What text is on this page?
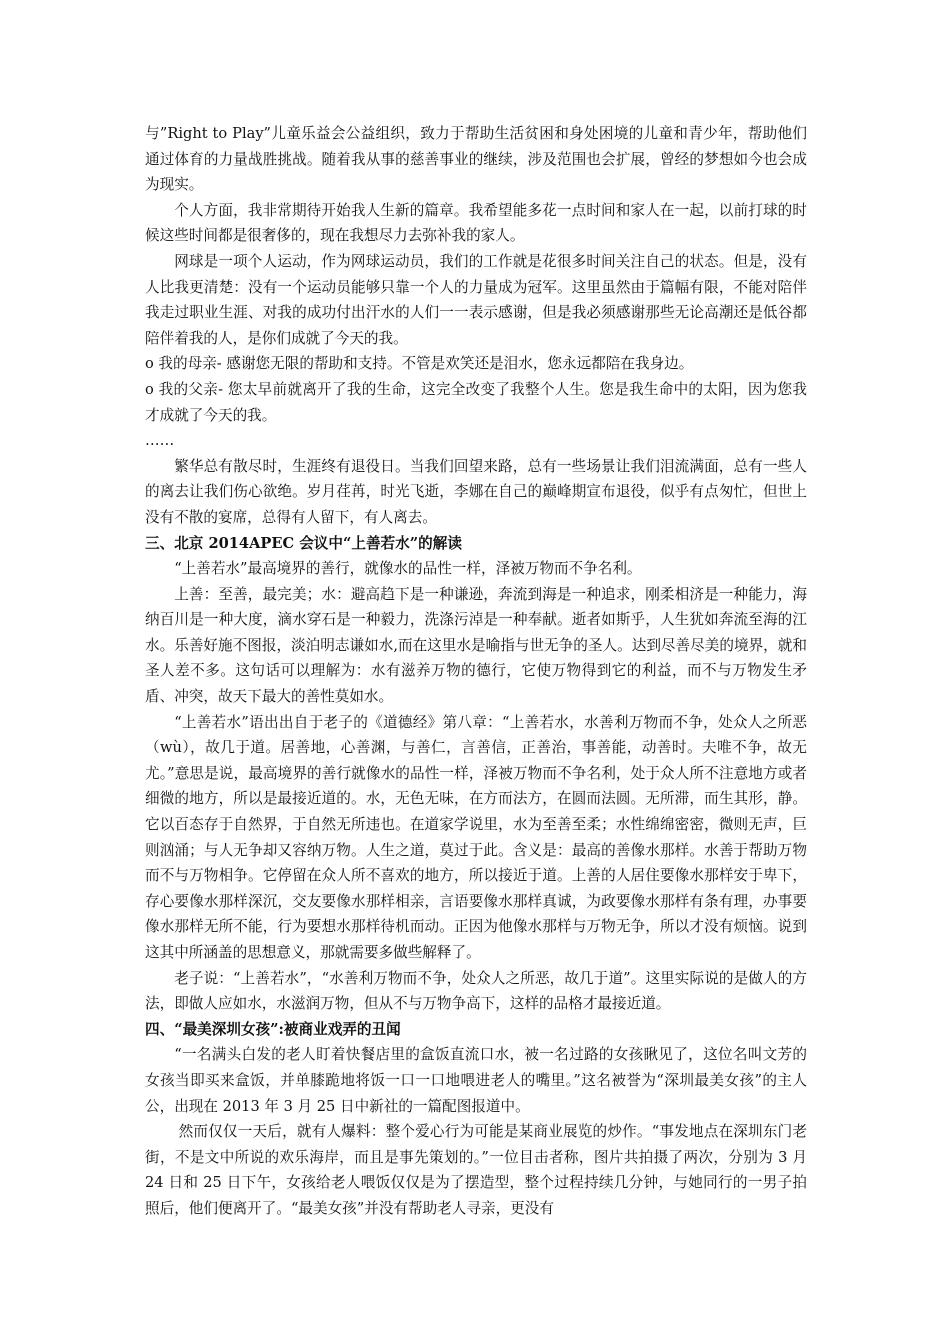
与”Right to Play”儿童乐益会公益组织，致力于帮助生活贫困和身处困境的儿童和青少年，帮助他们通过体育的力量战胜挑战。随着我从事的慈善事业的继续，涉及范围也会扩展，曾经的梦想如今也会成为现实。

个人方面，我非常期待开始我人生新的篇章。我希望能多花一点时间和家人在一起，以前打球的时候这些时间都是很奢侈的，现在我想尽力去弥补我的家人。

网球是一项个人运动，作为网球运动员，我们的工作就是花很多时间关注自己的状态。但是，没有人比我更清楚：没有一个运动员能够只靠一个人的力量成为冠军。这里虽然由于篇幅有限，不能对陪伴我走过职业生涯、对我的成功付出汗水的人们一一表示感谢，但是我必须感谢那些无论高潮还是低谷都陪伴着我的人，是你们成就了今天的我。

o 我的母亲- 感谢您无限的帮助和支持。不管是欢笑还是泪水，您永远都陪在我身边。

o 我的父亲- 您太早前就离开了我的生命，这完全改变了我整个人生。您是我生命中的太阳，因为您我才成就了今天的我。

……

繁华总有散尽时，生涯终有退役日。当我们回望来路，总有一些场景让我们泪流满面，总有一些人的离去让我们伤心欲绝。岁月荏苒，时光飞逝，李娜在自己的巅峰期宣布退役，似乎有点匆忙，但世上没有不散的宴席，总得有人留下，有人离去。

三、北京 2014APEC 会议中“上善若水”的解读

“上善若水”最高境界的善行，就像水的品性一样，泽被万物而不争名利。

上善：至善，最完美；水：避高趋下是一种谦逊，奔流到海是一种追求，刚柔相济是一种能力，海纳百川是一种大度，滴水穿石是一种毅力，洗涤污淖是一种奉献。逝者如斯乎，人生犹如奔流至海的江水。乐善好施不图报，淡泊明志谦如水,而在这里水是喻指与世无争的圣人。达到尽善尽美的境界，就和圣人差不多。这句话可以理解为：水有滋养万物的德行，它使万物得到它的利益，而不与万物发生矛盾、冲突，故天下最大的善性莫如水。

“上善若水”语出出自于老子的《道德经》第八章：“上善若水，水善利万物而不争，处众人之所恶（wù），故几于道。居善地，心善渊，与善仁，言善信，正善治，事善能，动善时。夫唯不争，故无尤。”意思是说，最高境界的善行就像水的品性一样，泽被万物而不争名利，处于众人所不注意地方或者细微的地方，所以是最接近道的。水，无色无味，在方而法方，在圆而法圆。无所滞，而生其形，静。它以百态存于自然界，于自然无所违也。在道家学说里，水为至善至柔；水性绵绵密密，微则无声，巨则汹涌；与人无争却又容纳万物。人生之道，莫过于此。含义是：最高的善像水那样。水善于帮助万物而不与万物相争。它停留在众人所不喜欢的地方，所以接近于道。上善的人居住要像水那样安于卑下，存心要像水那样深沉，交友要像水那样相亲，言语要像水那样真诚，为政要像水那样有条有理，办事要像水那样无所不能，行为要想水那样待机而动。正因为他像水那样与万物无争，所以才没有烦恼。说到这其中所涵盖的思想意义，那就需要多做些解释了。

老子说：“上善若水”，“水善利万物而不争，处众人之所恶，故几于道”。这里实际说的是做人的方法，即做人应如水，水滋润万物，但从不与万物争高下，这样的品格才最接近道。

四、“最美深圳女孩”:被商业戏弄的丑闻

“一名满头白发的老人盯着快餐店里的盒饭直流口水，被一名过路的女孩瞅见了，这位名叫文芳的女孩当即买来盒饭，并单膝跪地将饭一口一口地喂进老人的嘴里。”这名被誉为“深圳最美女孩”的主人公，出现在 2013 年 3 月 25 日中新社的一篇配图报道中。

然而仅仅一天后，就有人爆料：整个爱心行为可能是某商业展览的炒作。“事发地点在深圳东门老街，不是文中所说的欢乐海岸，而且是事先策划的。”一位目击者称，图片共拍摄了两次，分别为 3 月 24 日和 25 日下午，女孩给老人喂饭仅仅是为了摆造型，整个过程持续几分钟，与她同行的一男子拍照后，他们便离开了。“最美女孩”并没有帮助老人寻亲，更没有
